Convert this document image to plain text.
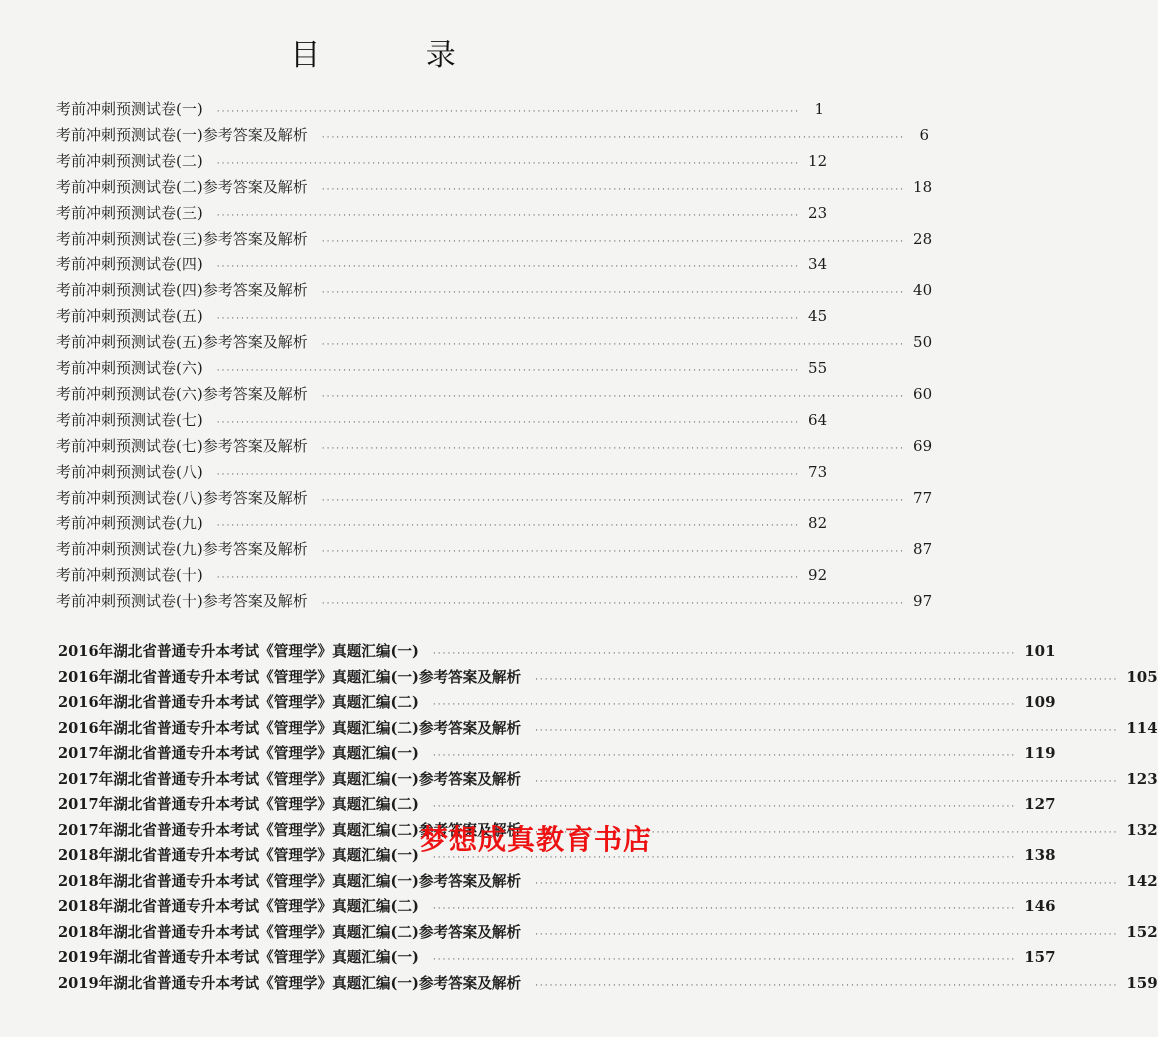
目 录
考前冲刺预测试卷(一) ························································································································ 1
考前冲刺预测试卷(一)参考答案及解析 ························································································································ 6
考前冲刺预测试卷(二) ························································································································ 12
考前冲刺预测试卷(二)参考答案及解析 ························································································································ 18
考前冲刺预测试卷(三) ························································································································ 23
考前冲刺预测试卷(三)参考答案及解析 ························································································································ 28
考前冲刺预测试卷(四) ························································································································ 34
考前冲刺预测试卷(四)参考答案及解析 ························································································································ 40
考前冲刺预测试卷(五) ························································································································ 45
考前冲刺预测试卷(五)参考答案及解析 ························································································································ 50
考前冲刺预测试卷(六) ························································································································ 55
考前冲刺预测试卷(六)参考答案及解析 ························································································································ 60
考前冲刺预测试卷(七) ························································································································ 64
考前冲刺预测试卷(七)参考答案及解析 ························································································································ 69
考前冲刺预测试卷(八) ························································································································ 73
考前冲刺预测试卷(八)参考答案及解析 ························································································································ 77
考前冲刺预测试卷(九) ························································································································ 82
考前冲刺预测试卷(九)参考答案及解析 ························································································································ 87
考前冲刺预测试卷(十) ························································································································ 92
考前冲刺预测试卷(十)参考答案及解析 ························································································································ 97
2016年湖北省普通专升本考试《管理学》真题汇编(一) ························································································································ 101
2016年湖北省普通专升本考试《管理学》真题汇编(一)参考答案及解析 ························································································································ 105
2016年湖北省普通专升本考试《管理学》真题汇编(二) ························································································································ 109
2016年湖北省普通专升本考试《管理学》真题汇编(二)参考答案及解析 ························································································································ 114
2017年湖北省普通专升本考试《管理学》真题汇编(一) ························································································································ 119
2017年湖北省普通专升本考试《管理学》真题汇编(一)参考答案及解析 ························································································································ 123
2017年湖北省普通专升本考试《管理学》真题汇编(二) ························································································································ 127
2017年湖北省普通专升本考试《管理学》真题汇编(二)参考答案及解析 ························································································································ 132
2018年湖北省普通专升本考试《管理学》真题汇编(一) ························································································································ 138
2018年湖北省普通专升本考试《管理学》真题汇编(一)参考答案及解析 ························································································································ 142
2018年湖北省普通专升本考试《管理学》真题汇编(二) ························································································································ 146
2018年湖北省普通专升本考试《管理学》真题汇编(二)参考答案及解析 ························································································································ 152
2019年湖北省普通专升本考试《管理学》真题汇编(一) ························································································································ 157
2019年湖北省普通专升本考试《管理学》真题汇编(一)参考答案及解析 ························································································································ 159
梦想成真教育书店
